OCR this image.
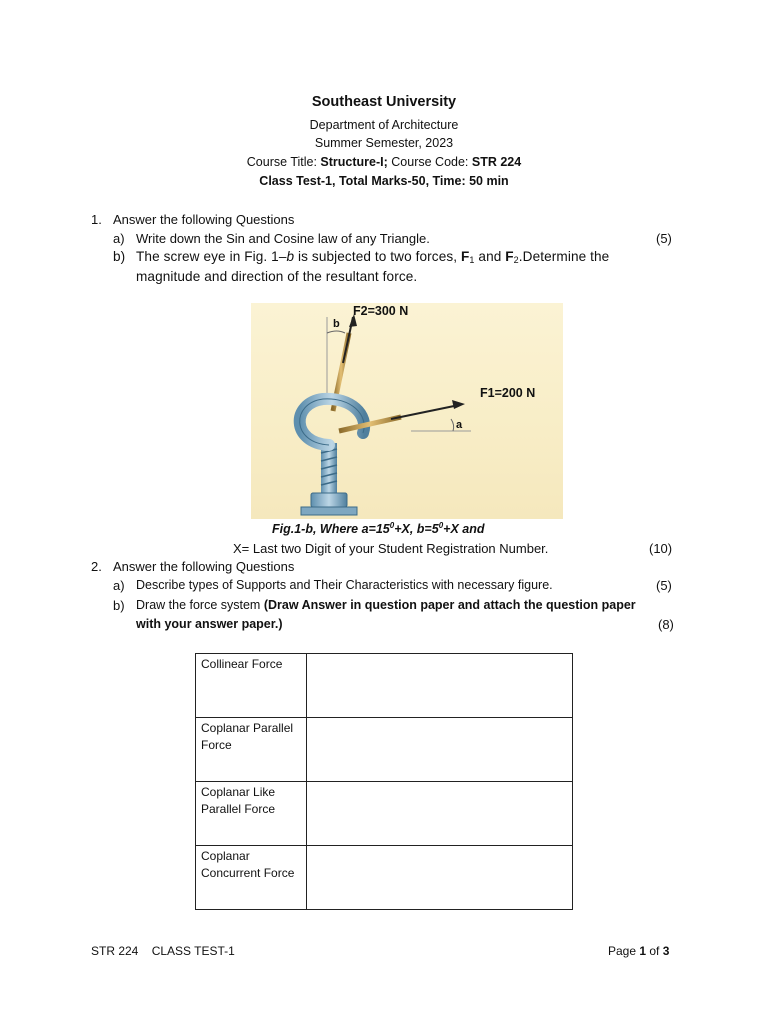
Southeast University
Department of Architecture
Summer Semester, 2023
Course Title: Structure-I; Course Code: STR 224
Class Test-1, Total Marks-50, Time: 50 min
1. Answer the following Questions
a) Write down the Sin and Cosine law of any Triangle.	(5)
b) The screw eye in Fig. 1–b is subjected to two forces, $F_1$ and $F_2.Determine$ the
magnitude and direction of the resultant force.
F2=300 N
F1=200 N
b
a
Fig.1-b, Where $a=15^0+X$, $b=5^0+X$ and
X= Last two Digit of your Student Registration Number.	(10)
2. Answer the following Questions
a) Describe types of Supports and Their Characteristics with necessary figure.	(5)
b) Draw the force system (Draw Answer in question paper and attach the question paper
with your answer paper.)	(8)
Collinear Force

Coplanar Parallel
Force	
Coplanar Like
Parallel Force	
Coplanar
Concurrent Force	
STR 224    CLASS TEST-1	Page 1 of 3
